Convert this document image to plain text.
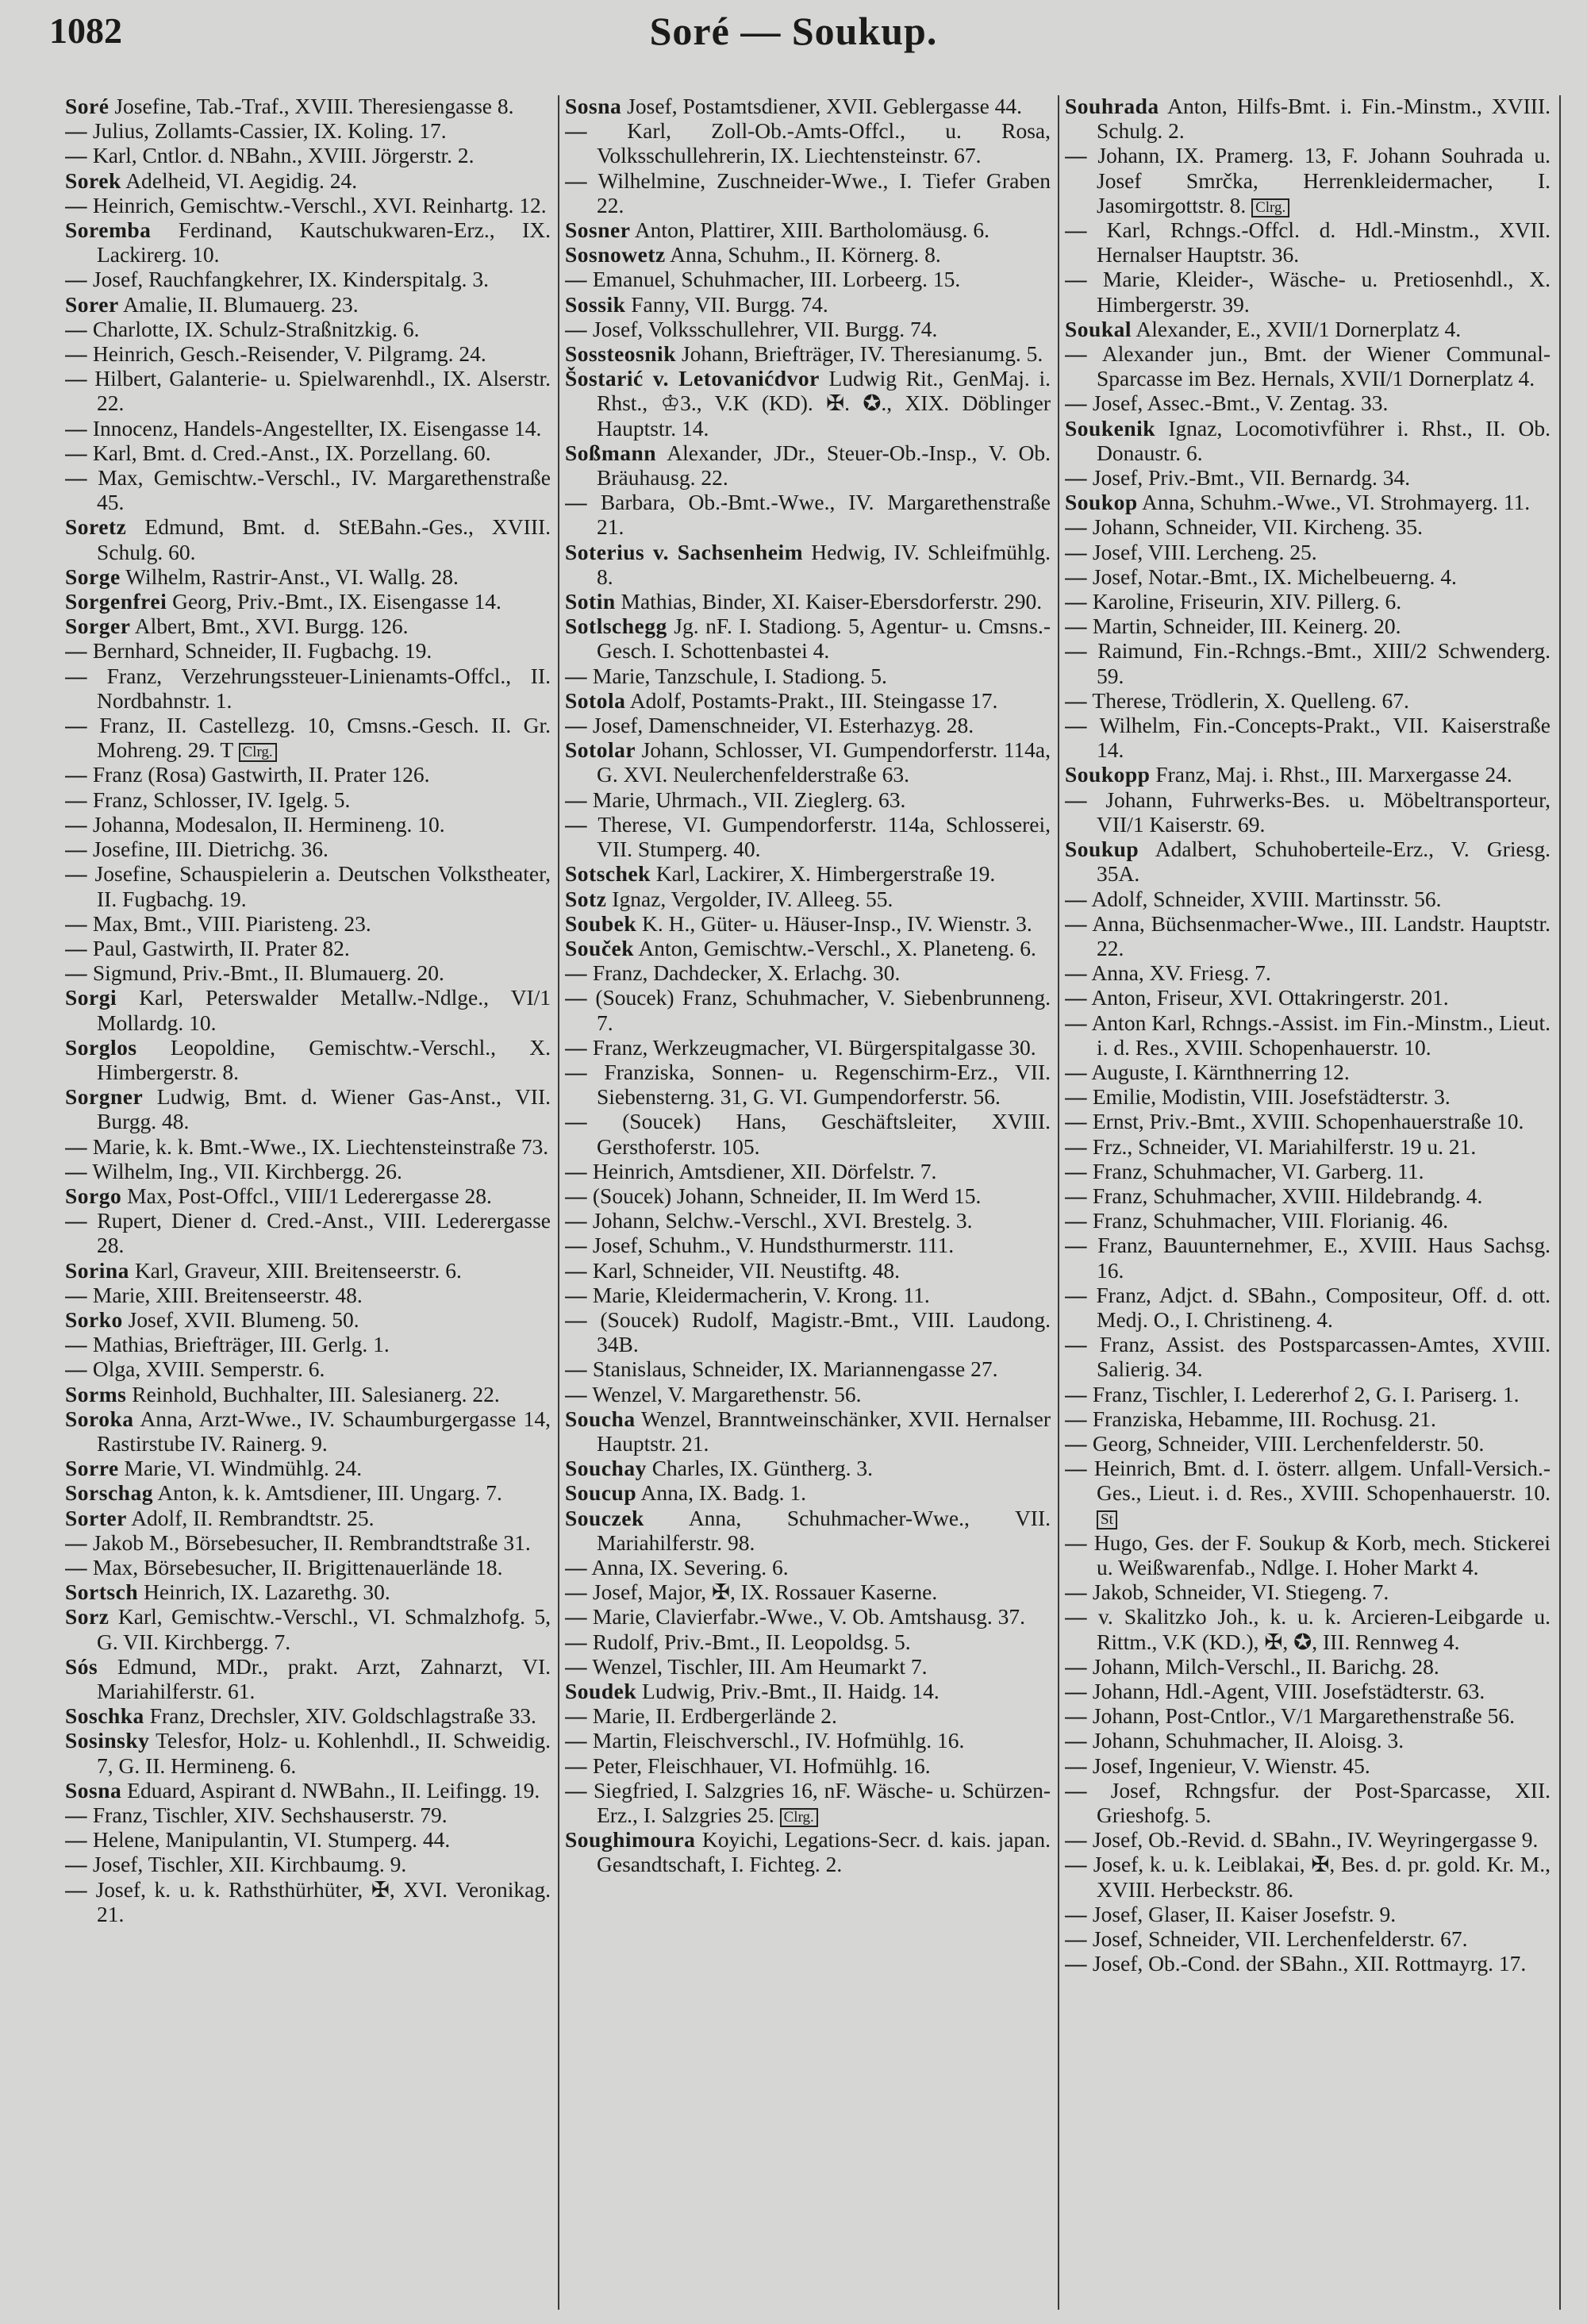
1082	Soré — Soukup.
Soré Josefine, Tab.-Traf., XVIII. Theresiengasse 8.
— Julius, Zollamts-Cassier, IX. Koling. 17.
— Karl, Cntlor. d. NBahn., XVIII. Jörgerstr. 2.
Sorek Adelheid, VI. Aegidig. 24.
— Heinrich, Gemischtw.-Verschl., XVI. Reinhartg. 12.
Soremba Ferdinand, Kautschukwaren-Erz., IX. Lackirerg. 10.
— Josef, Rauchfangkehrer, IX. Kinderspitalg. 3.
Sorer Amalie, II. Blumauerg. 23.
— Charlotte, IX. Schulz-Straßnitzkig. 6.
— Heinrich, Gesch.-Reisender, V. Pilgramg. 24.
— Hilbert, Galanterie- u. Spielwarenhdl., IX. Alserstr. 22.
— Innocenz, Handels-Angestellter, IX. Eisengasse 14.
— Karl, Bmt. d. Cred.-Anst., IX. Porzellang. 60.
— Max, Gemischtw.-Verschl., IV. Margarethenstraße 45.
Soretz Edmund, Bmt. d. StEBahn.-Ges., XVIII. Schulg. 60.
Sorge Wilhelm, Rastrir-Anst., VI. Wallg. 28.
Sorgenfrei Georg, Priv.-Bmt., IX. Eisengasse 14.
Sorger Albert, Bmt., XVI. Burgg. 126.
— Bernhard, Schneider, II. Fugbachg. 19.
— Franz, Verzehrungssteuer-Linienamts-Offcl., II. Nordbahnstr. 1.
— Franz, II. Castellezg. 10, Cmsns.-Gesch. II. Gr. Mohreng. 29. T Clrg.
— Franz (Rosa) Gastwirth, II. Prater 126.
— Franz, Schlosser, IV. Igelg. 5.
— Johanna, Modesalon, II. Hermineng. 10.
— Josefine, III. Dietrichg. 36.
— Josefine, Schauspielerin a. Deutschen Volkstheater, II. Fugbachg. 19.
— Max, Bmt., VIII. Piaristeng. 23.
— Paul, Gastwirth, II. Prater 82.
— Sigmund, Priv.-Bmt., II. Blumauerg. 20.
Sorgi Karl, Peterswalder Metallw.-Ndlge., VI/1 Mollardg. 10.
Sorglos Leopoldine, Gemischtw.-Verschl., X. Himbergerstr. 8.
Sorgner Ludwig, Bmt. d. Wiener Gas-Anst., VII. Burgg. 48.
— Marie, k. k. Bmt.-Wwe., IX. Liechtensteinstraße 73.
— Wilhelm, Ing., VII. Kirchbergg. 26.
Sorgo Max, Post-Offcl., VIII/1 Lederergasse 28.
— Rupert, Diener d. Cred.-Anst., VIII. Lederergasse 28.
Sorina Karl, Graveur, XIII. Breitenseerstr. 6.
— Marie, XIII. Breitenseerstr. 48.
Sorko Josef, XVII. Blumeng. 50.
— Mathias, Briefträger, III. Gerlg. 1.
— Olga, XVIII. Semperstr. 6.
Sorms Reinhold, Buchhalter, III. Salesianerg. 22.
Soroka Anna, Arzt-Wwe., IV. Schaumburgergasse 14, Rastirstube IV. Rainerg. 9.
Sorre Marie, VI. Windmühlg. 24.
Sorschag Anton, k. k. Amtsdiener, III. Ungarg. 7.
Sorter Adolf, II. Rembrandtstr. 25.
— Jakob M., Börsebesucher, II. Rembrandtstraße 31.
— Max, Börsebesucher, II. Brigittenauerlände 18.
Sortsch Heinrich, IX. Lazarethg. 30.
Sorz Karl, Gemischtw.-Verschl., VI. Schmalzhofg. 5, G. VII. Kirchbergg. 7.
Sós Edmund, MDr., prakt. Arzt, Zahnarzt, VI. Mariahilferstr. 61.
Soschka Franz, Drechsler, XIV. Goldschlagstraße 33.
Sosinsky Telesfor, Holz- u. Kohlenhdl., II. Schweidig. 7, G. II. Hermineng. 6.
Sosna Eduard, Aspirant d. NWBahn., II. Leifingg. 19.
— Franz, Tischler, XIV. Sechshauserstr. 79.
— Helene, Manipulantin, VI. Stumperg. 44.
— Josef, Tischler, XII. Kirchbaumg. 9.
— Josef, k. u. k. Rathsthürhüter, ✠, XVI. Veronikag. 21.
Sosna Josef, Postamtsdiener, XVII. Geblergasse 44.
— Karl, Zoll-Ob.-Amts-Offcl., u. Rosa, Volksschullehrerin, IX. Liechtensteinstr. 67.
— Wilhelmine, Zuschneider-Wwe., I. Tiefer Graben 22.
Sosner Anton, Plattirer, XIII. Bartholomäusg. 6.
Sosnowetz Anna, Schuhm., II. Körnerg. 8.
— Emanuel, Schuhmacher, III. Lorbeerg. 15.
Sossik Fanny, VII. Burgg. 74.
— Josef, Volksschullehrer, VII. Burgg. 74.
Sossteosnik Johann, Briefträger, IV. Theresianumg. 5.
Šostarić v. Letovanićdvor Ludwig Rit., GenMaj. i. Rhst., ♔3., V.K (KD). ✠. ✪., XIX. Döblinger Hauptstr. 14.
Soßmann Alexander, JDr., Steuer-Ob.-Insp., V. Ob. Bräuhausg. 22.
— Barbara, Ob.-Bmt.-Wwe., IV. Margarethenstraße 21.
Soterius v. Sachsenheim Hedwig, IV. Schleifmühlg. 8.
Sotin Mathias, Binder, XI. Kaiser-Ebersdorferstr. 290.
Sotlschegg Jg. nF. I. Stadiong. 5, Agentur- u. Cmsns.-Gesch. I. Schottenbastei 4.
— Marie, Tanzschule, I. Stadiong. 5.
Sotola Adolf, Postamts-Prakt., III. Steingasse 17.
— Josef, Damenschneider, VI. Esterhazyg. 28.
Sotolar Johann, Schlosser, VI. Gumpendorferstr. 114a, G. XVI. Neulerchenfelderstraße 63.
— Marie, Uhrmach., VII. Zieglerg. 63.
— Therese, VI. Gumpendorferstr. 114a, Schlosserei, VII. Stumperg. 40.
Sotschek Karl, Lackirer, X. Himbergerstraße 19.
Sotz Ignaz, Vergolder, IV. Alleeg. 55.
Soubek K. H., Güter- u. Häuser-Insp., IV. Wienstr. 3.
Souček Anton, Gemischtw.-Verschl., X. Planeteng. 6.
— Franz, Dachdecker, X. Erlachg. 30.
— (Soucek) Franz, Schuhmacher, V. Siebenbrunneng. 7.
— Franz, Werkzeugmacher, VI. Bürgerspitalgasse 30.
— Franziska, Sonnen- u. Regenschirm-Erz., VII. Siebensterng. 31, G. VI. Gumpendorferstr. 56.
— (Soucek) Hans, Geschäftsleiter, XVIII. Gersthoferstr. 105.
— Heinrich, Amtsdiener, XII. Dörfelstr. 7.
— (Soucek) Johann, Schneider, II. Im Werd 15.
— Johann, Selchw.-Verschl., XVI. Brestelg. 3.
— Josef, Schuhm., V. Hundsthurmerstr. 111.
— Karl, Schneider, VII. Neustiftg. 48.
— Marie, Kleidermacherin, V. Krong. 11.
— (Soucek) Rudolf, Magistr.-Bmt., VIII. Laudong. 34B.
— Stanislaus, Schneider, IX. Mariannengasse 27.
— Wenzel, V. Margarethenstr. 56.
Soucha Wenzel, Branntweinschänker, XVII. Hernalser Hauptstr. 21.
Souchay Charles, IX. Güntherg. 3.
Soucup Anna, IX. Badg. 1.
Souczek Anna, Schuhmacher-Wwe., VII. Mariahilferstr. 98.
— Anna, IX. Severing. 6.
— Josef, Major, ✠, IX. Rossauer Kaserne.
— Marie, Clavierfabr.-Wwe., V. Ob. Amtshausg. 37.
— Rudolf, Priv.-Bmt., II. Leopoldsg. 5.
— Wenzel, Tischler, III. Am Heumarkt 7.
Soudek Ludwig, Priv.-Bmt., II. Haidg. 14.
— Marie, II. Erdbergerlände 2.
— Martin, Fleischverschl., IV. Hofmühlg. 16.
— Peter, Fleischhauer, VI. Hofmühlg. 16.
— Siegfried, I. Salzgries 16, nF. Wäsche- u. Schürzen-Erz., I. Salzgries 25. Clrg.
Soughimoura Koyichi, Legations-Secr. d. kais. japan. Gesandtschaft, I. Fichteg. 2.
Souhrada Anton, Hilfs-Bmt. i. Fin.-Minstm., XVIII. Schulg. 2.
— Johann, IX. Pramerg. 13, F. Johann Souhrada u. Josef Smrčka, Herrenkleidermacher, I. Jasomirgottstr. 8. Clrg.
— Karl, Rchngs.-Offcl. d. Hdl.-Minstm., XVII. Hernalser Hauptstr. 36.
— Marie, Kleider-, Wäsche- u. Pretiosenhdl., X. Himbergerstr. 39.
Soukal Alexander, E., XVII/1 Dornerplatz 4.
— Alexander jun., Bmt. der Wiener Communal-Sparcasse im Bez. Hernals, XVII/1 Dornerplatz 4.
— Josef, Assec.-Bmt., V. Zentag. 33.
Soukenik Ignaz, Locomotivführer i. Rhst., II. Ob. Donaustr. 6.
— Josef, Priv.-Bmt., VII. Bernardg. 34.
Soukop Anna, Schuhm.-Wwe., VI. Strohmayerg. 11.
— Johann, Schneider, VII. Kircheng. 35.
— Josef, VIII. Lercheng. 25.
— Josef, Notar.-Bmt., IX. Michelbeuerng. 4.
— Karoline, Friseurin, XIV. Pillerg. 6.
— Martin, Schneider, III. Keinerg. 20.
— Raimund, Fin.-Rchngs.-Bmt., XIII/2 Schwenderg. 59.
— Therese, Trödlerin, X. Quelleng. 67.
— Wilhelm, Fin.-Concepts-Prakt., VII. Kaiserstraße 14.
Soukopp Franz, Maj. i. Rhst., III. Marxergasse 24.
— Johann, Fuhrwerks-Bes. u. Möbeltransporteur, VII/1 Kaiserstr. 69.
Soukup Adalbert, Schuhoberteile-Erz., V. Griesg. 35A.
— Adolf, Schneider, XVIII. Martinsstr. 56.
— Anna, Büchsenmacher-Wwe., III. Landstr. Hauptstr. 22.
— Anna, XV. Friesg. 7.
— Anton, Friseur, XVI. Ottakringerstr. 201.
— Anton Karl, Rchngs.-Assist. im Fin.-Minstm., Lieut. i. d. Res., XVIII. Schopenhauerstr. 10.
— Auguste, I. Kärnthnerring 12.
— Emilie, Modistin, VIII. Josefstädterstr. 3.
— Ernst, Priv.-Bmt., XVIII. Schopenhauerstraße 10.
— Frz., Schneider, VI. Mariahilferstr. 19 u. 21.
— Franz, Schuhmacher, VI. Garberg. 11.
— Franz, Schuhmacher, XVIII. Hildebrandg. 4.
— Franz, Schuhmacher, VIII. Florianig. 46.
— Franz, Bauunternehmer, E., XVIII. Haus Sachsg. 16.
— Franz, Adjct. d. SBahn., Compositeur, Off. d. ott. Medj. O., I. Christineng. 4.
— Franz, Assist. des Postsparcassen-Amtes, XVIII. Salierig. 34.
— Franz, Tischler, I. Ledererhof 2, G. I. Pariserg. 1.
— Franziska, Hebamme, III. Rochusg. 21.
— Georg, Schneider, VIII. Lerchenfelderstr. 50.
— Heinrich, Bmt. d. I. österr. allgem. Unfall-Versich.-Ges., Lieut. i. d. Res., XVIII. Schopenhauerstr. 10. St
— Hugo, Ges. der F. Soukup & Korb, mech. Stickerei u. Weißwarenfab., Ndlge. I. Hoher Markt 4.
— Jakob, Schneider, VI. Stiegeng. 7.
— v. Skalitzko Joh., k. u. k. Arcieren-Leibgarde u. Rittm., V.K (KD.), ✠, ✪, III. Rennweg 4.
— Johann, Milch-Verschl., II. Barichg. 28.
— Johann, Hdl.-Agent, VIII. Josefstädterstr. 63.
— Johann, Post-Cntlor., V/1 Margarethenstraße 56.
— Johann, Schuhmacher, II. Aloisg. 3.
— Josef, Ingenieur, V. Wienstr. 45.
— Josef, Rchngsfur. der Post-Sparcasse, XII. Grieshofg. 5.
— Josef, Ob.-Revid. d. SBahn., IV. Weyringergasse 9.
— Josef, k. u. k. Leiblakai, ✠, Bes. d. pr. gold. Kr. M., XVIII. Herbeckstr. 86.
— Josef, Glaser, II. Kaiser Josefstr. 9.
— Josef, Schneider, VII. Lerchenfelderstr. 67.
— Josef, Ob.-Cond. der SBahn., XII. Rottmayrg. 17.
